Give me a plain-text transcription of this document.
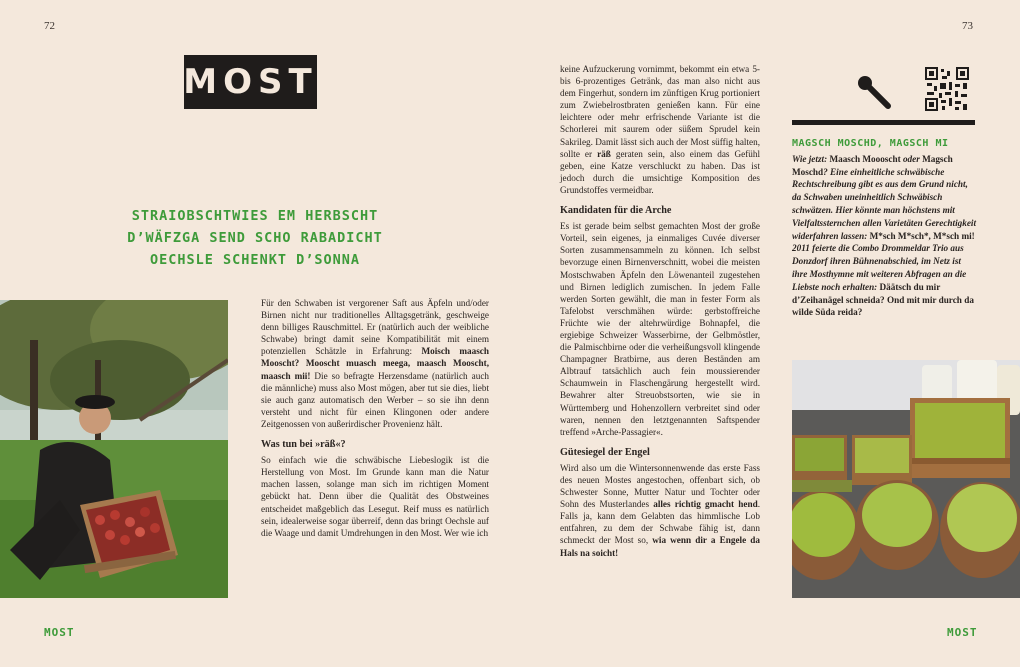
72	73
MOST
STRAIOBSCHTWIES EM HERBSCHT
D’WÄFZGA SEND SCHO RABADICHT
OECHSLE SCHENKT D’SONNA

Für den Schwaben ist vergorener Saft aus Äpfeln und/oder Birnen nicht nur traditionelles Alltagsgetränk, geschweige denn billiges Rauschmittel. Er (natürlich auch der weibliche Schwabe) bringt damit seine Kompatibilität mit einem potenziellen Schätzle in Erfahrung: Moisch maasch Mooscht? Mooscht muasch meega, maasch Mooscht, maasch mii! Die so befragte Herzensdame (natürlich auch die männliche) muss also Most mögen, aber tut sie dies, liebt sie auch ganz automatisch den Werber – so sie ihn denn versteht und nicht für einen Klingonen oder andere Zeitgenossen von außerirdischer Provenienz hält.

Was tun bei »räß«?

So einfach wie die schwäbische Liebeslogik ist die Herstellung von Most. Im Grunde kann man die Natur machen lassen, solange man sich im richtigen Moment gebückt hat. Denn über die Qualität des Obstweines entscheidet maßgeblich das Lesegut. Reif muss es natürlich sein, idealerweise sogar überreif, denn das bringt Oechsle auf die Waage und damit Umdrehungen in den Most. Wer wie ich

keine Aufzuckerung vornimmt, bekommt ein etwa 5- bis 6-prozentiges Getränk, das man also nicht aus dem Fingerhut, sondern im zünftigen Krug portioniert zum Zwiebelrostbraten genießen kann. Für eine leichtere oder mehr erfrischende Variante ist die Schorlerei mit saurem oder süßem Sprudel kein Sakrileg. Damit lässt sich auch der Most süffig halten, sollte er räß geraten sein, also einem das Gefühl geben, eine Katze verschluckt zu haben. Das ist jedoch durch die umsichtige Komposition des Grundstoffes vermeidbar.

Kandidaten für die Arche

Es ist gerade beim selbst gemachten Most der große Vorteil, sein eigenes, ja einmaliges Cuvée diverser Sorten zusammensammeln zu können. Ich selbst bevorzuge einen Birnenverschnitt, wobei die meisten Mostschwaben Äpfeln den Löwenanteil zugestehen und Birnen lediglich zumischen. In jedem Falle werden Sorten gewählt, die man in fester Form als Tafelobst verschmähen würde: gerbstoffreiche Früchte wie der altehrwürdige Bohnapfel, die ergiebige Schweizer Wasserbirne, der Gelbmöstler, die Palmischbirne oder die verheißungsvoll klingende Champagner Bratbirne, aus deren Beständen am Albtrauf tatsächlich auch fein moussierender Schaumwein in Flaschengärung hergestellt wird. Bewahrer alter Streuobstsorten, wie sie in Württemberg und Hohenzollern verbreitet sind oder waren, nennen den letztgenannten Saftspender treffend »Arche-Passagier«.

Gütesiegel der Engel

Wird also um die Wintersonnenwende das erste Fass des neuen Mostes angestochen, offenbart sich, ob Schwester Sonne, Mutter Natur und Tochter oder Sohn des Musterlandes alles richtig gmacht hend. Falls ja, kann dem Gelabten das himmlische Lob entfahren, zu dem der Schwabe fähig ist, dann schmeckt der Most so, wia wenn dir a Engele da Hals na soicht!

MAGSCH MOSCHD, MAGSCH MI

Wie jetzt: Maasch Moooscht oder Magsch Moschd? Eine einheitliche schwäbische Rechtschreibung gibt es aus dem Grund nicht, da Schwaben uneinheitlich Schwäbisch schwätzen. Hier könnte man höchstens mit Vielfaltssternchen allen Varietäten Gerechtigkeit widerfahren lassen: M*sch M*sch*, M*sch mi!

2011 feierte die Combo Drommeldar Trio aus Donzdorf ihren Bühnenabschied, im Netz ist ihre Mosthymne mit weiteren Abfragen an die Liebste noch erhalten: Däätsch du mir d’Zeihanägel schneida? Ond mit mir durch da wilde Süda reida?

MOST	MOST
